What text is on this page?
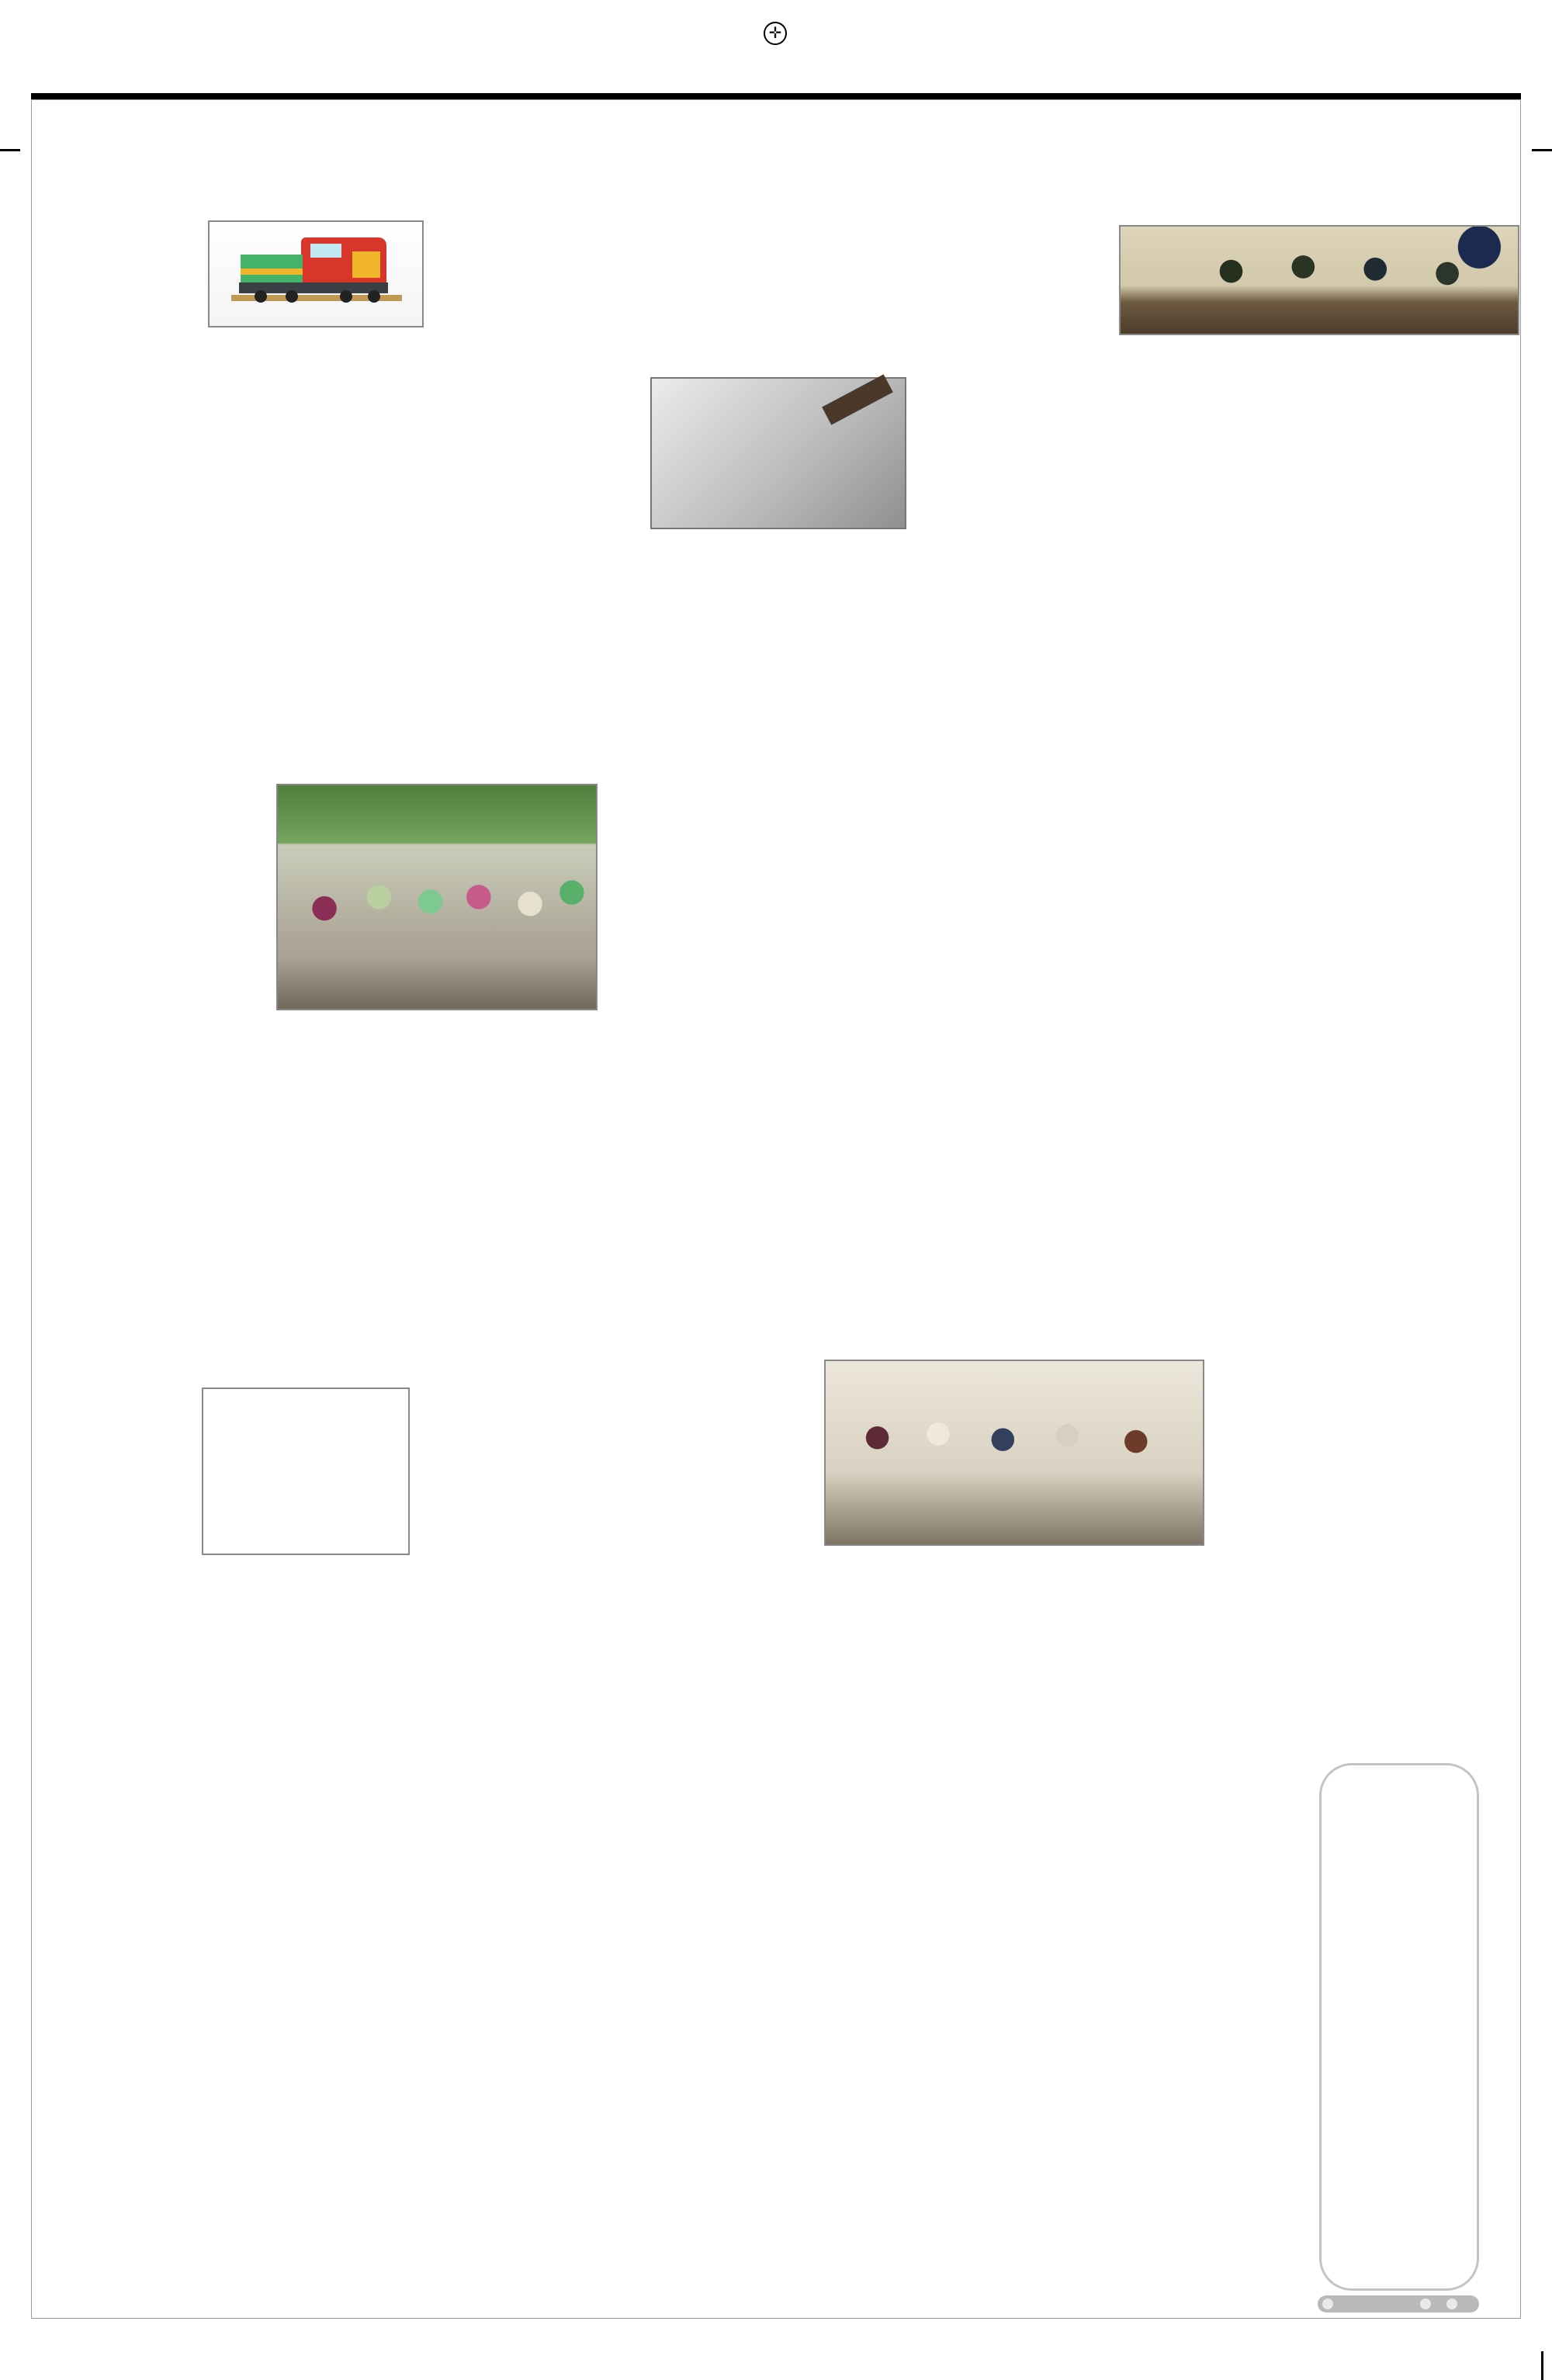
✛
